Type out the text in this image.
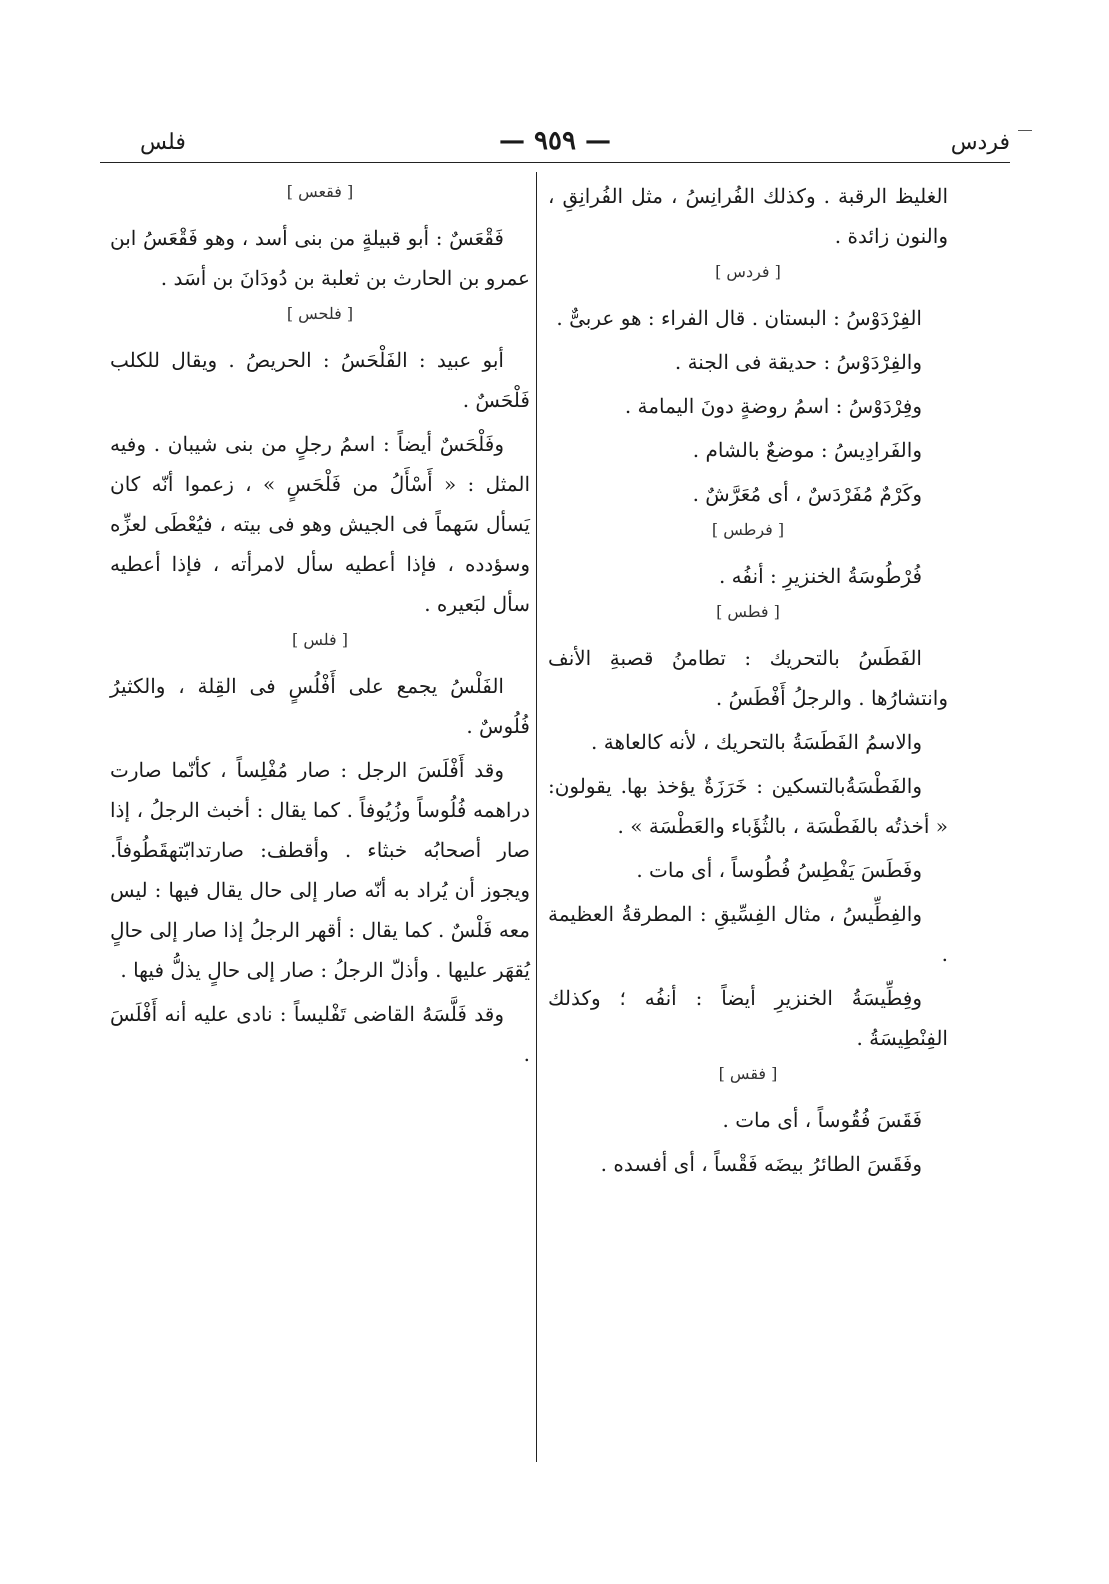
فردس
— ٩٥٩ —
فلس

الغليظ الرقبة . وكذلك الفُرانِسُ ، مثل الفُرانِقِ ، والنون زائدة .

[ فردس ]

الفِرْدَوْسُ : البستان . قال الفراء : هو عربىٌّ .

والفِرْدَوْسُ : حديقة فى الجنة .

وفِرْدَوْسُ : اسمُ روضةٍ دونَ اليمامة .

والفَرادِيسُ : موضعٌ بالشام .

وكَرْمٌ مُفَرْدَسٌ ، أى مُعَرَّشٌ .

[ فرطس ]

فُرْطُوسَةُ الخنزيرِ : أنفُه .

[ فطس ]

الفَطَسُ بالتحريك : تطامنُ قصبةِ الأنف وانتشارُها . والرجلُ أَفْطَسُ .

والاسمُ الفَطَسَةُ بالتحريك ، لأنه كالعاهة .

والفَطْسَةُبالتسكين : خَرَزَةٌ يؤخذ بها. يقولون: « أخذتُه بالفَطْسَة ، بالثُؤَباء والعَطْسَة » .

وفَطَسَ يَفْطِسُ فُطُوساً ، أى مات .

والفِطِّيسُ ، مثال الفِسِّيقِ : المطرقةُ العظيمة .

وفِطِّيسَةُ الخنزيرِ أيضاً : أنفُه ؛ وكذلك الفِنْطِيسَةُ .

[ فقس ]

فَقَسَ فُقُوساً ، أى مات .

وفَقَسَ الطائرُ بيضَه فَقْساً ، أى أفسده .

[ فقعس ]

فَقْعَسٌ : أبو قبيلةٍ من بنى أسد ، وهو فَقْعَسُ ابن عمرو بن الحارث بن ثعلبة بن دُودَانَ بن أسَد .

[ فلحس ]

أبو عبيد : الفَلْحَسُ : الحريصُ . ويقال للكلب فَلْحَسٌ .

وفَلْحَسٌ أيضاً : اسمُ رجلٍ من بنى شيبان . وفيه المثل : « أَسْأَلُ من فَلْحَسٍ » ، زعموا أنّه كان يَسأل سَهماً فى الجيش وهو فى بيته ، فيُعْطَى لعزِّه وسؤدده ، فإذا أعطيه سأل لامرأته ، فإذا أعطيه سأل لبَعيره .

[ فلس ]

الفَلْسُ يجمع على أَفْلُسٍ فى القِلة ، والكثيرُ فُلُوسٌ .

وقد أَفْلَسَ الرجل : صار مُفْلِساً ، كأنّما صارت دراهمه فُلُوساً وزُيُوفاً . كما يقال : أخبث الرجلُ ، إذا صار أصحابُه خبثاء . وأقطف: صارتدابّتهقَطُوفاً. ويجوز أن يُراد به أنّه صار إلى حال يقال فيها : ليس معه فَلْسٌ . كما يقال : أقهر الرجلُ إذا صار إلى حالٍ يُقهَر عليها . وأذلّ الرجلُ : صار إلى حالٍ يذلُّ فيها .

وقد فَلَّسَهُ القاضى تَفْليساً : نادى عليه أنه أَفْلَسَ .
